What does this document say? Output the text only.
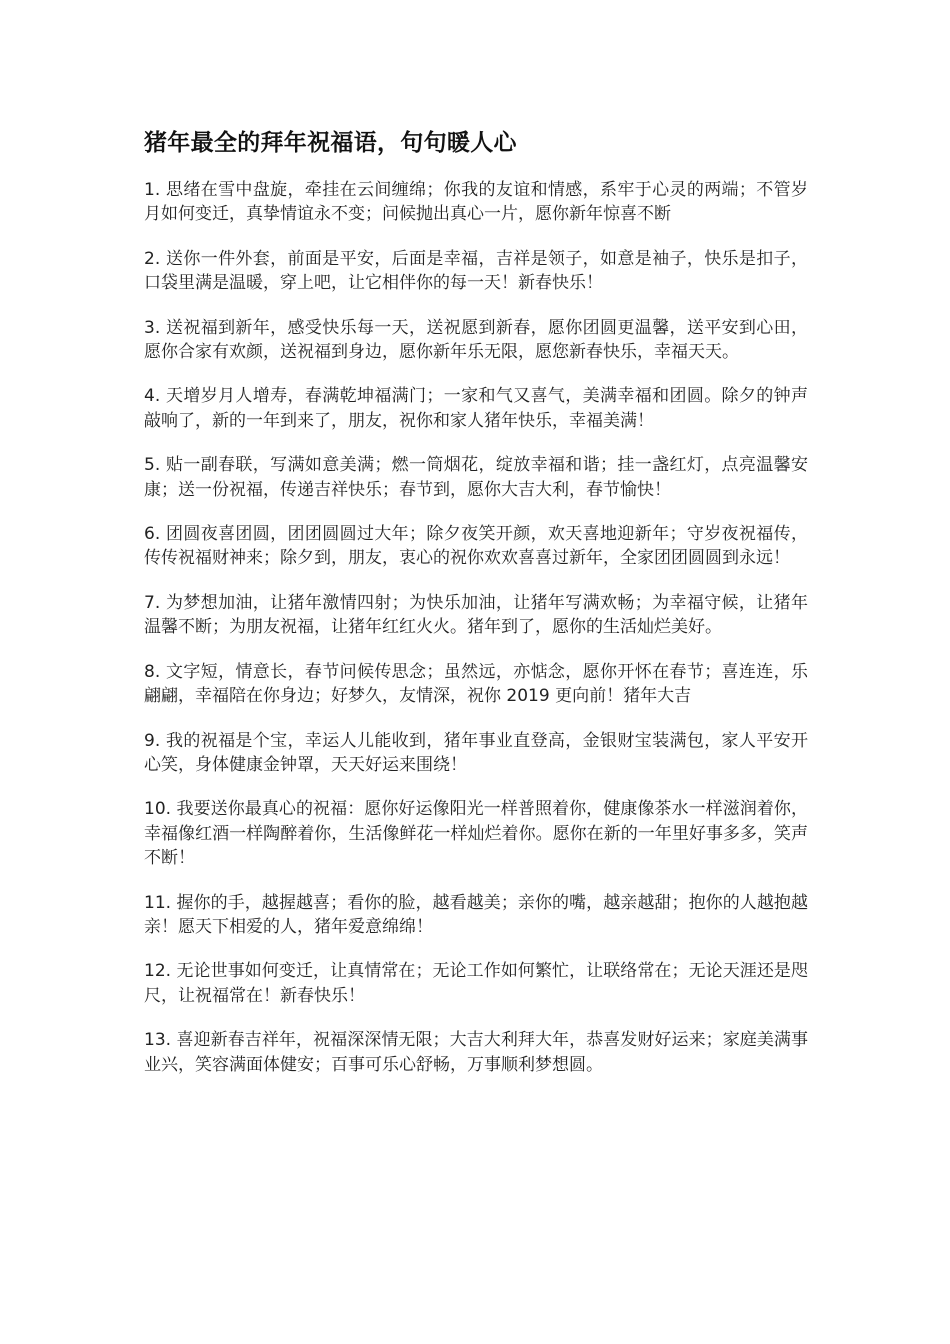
猪年最全的拜年祝福语，句句暖人心
1. 思绪在雪中盘旋，牵挂在云间缠绵；你我的友谊和情感，系牢于心灵的两端；不管岁月如何变迁，真挚情谊永不变；问候抛出真心一片，愿你新年惊喜不断
2. 送你一件外套，前面是平安，后面是幸福，吉祥是领子，如意是袖子，快乐是扣子，口袋里满是温暖，穿上吧，让它相伴你的每一天！新春快乐！
3. 送祝福到新年，感受快乐每一天，送祝愿到新春，愿你团圆更温馨，送平安到心田，愿你合家有欢颜，送祝福到身边，愿你新年乐无限，愿您新春快乐，幸福天天。
4. 天增岁月人增寿，春满乾坤福满门；一家和气又喜气，美满幸福和团圆。除夕的钟声敲响了，新的一年到来了，朋友，祝你和家人猪年快乐，幸福美满！
5. 贴一副春联，写满如意美满；燃一筒烟花，绽放幸福和谐；挂一盏红灯，点亮温馨安康；送一份祝福，传递吉祥快乐；春节到，愿你大吉大利，春节愉快！
6. 团圆夜喜团圆，团团圆圆过大年；除夕夜笑开颜，欢天喜地迎新年；守岁夜祝福传，传传祝福财神来；除夕到，朋友，衷心的祝你欢欢喜喜过新年，全家团团圆圆到永远！
7. 为梦想加油，让猪年激情四射；为快乐加油，让猪年写满欢畅；为幸福守候，让猪年温馨不断；为朋友祝福，让猪年红红火火。猪年到了，愿你的生活灿烂美好。
8. 文字短，情意长，春节问候传思念；虽然远，亦惦念，愿你开怀在春节；喜连连，乐翩翩，幸福陪在你身边；好梦久，友情深，祝你 2019 更向前！猪年大吉
9. 我的祝福是个宝，幸运人儿能收到，猪年事业直登高，金银财宝装满包，家人平安开心笑，身体健康金钟罩，天天好运来围绕！
10. 我要送你最真心的祝福：愿你好运像阳光一样普照着你，健康像茶水一样滋润着你，幸福像红酒一样陶醉着你，生活像鲜花一样灿烂着你。愿你在新的一年里好事多多，笑声不断！
11. 握你的手，越握越喜；看你的脸，越看越美；亲你的嘴，越亲越甜；抱你的人越抱越亲！愿天下相爱的人，猪年爱意绵绵！
12. 无论世事如何变迁，让真情常在；无论工作如何繁忙，让联络常在；无论天涯还是咫尺，让祝福常在！新春快乐！
13. 喜迎新春吉祥年，祝福深深情无限；大吉大利拜大年，恭喜发财好运来；家庭美满事业兴，笑容满面体健安；百事可乐心舒畅，万事顺利梦想圆。
